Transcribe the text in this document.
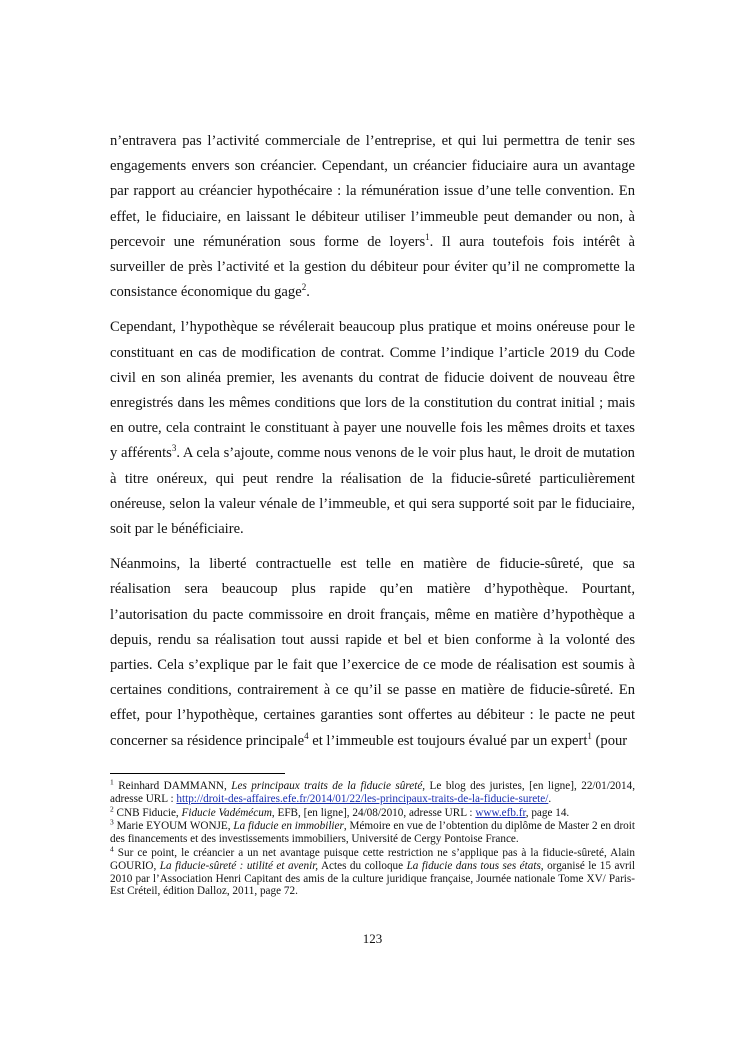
n’entravera pas l’activité commerciale de l’entreprise, et qui lui permettra de tenir ses engagements envers son créancier. Cependant, un créancier fiduciaire aura un avantage par rapport au créancier hypothécaire : la rémunération issue d’une telle convention. En effet, le fiduciaire, en laissant le débiteur utiliser l’immeuble peut demander ou non, à percevoir une rémunération sous forme de loyers$^1$. Il aura toutefois fois intérêt à surveiller de près l’activité et la gestion du débiteur pour éviter qu’il ne compromette la consistance économique du gage$^2$.

Cependant, l’hypothèque se révélerait beaucoup plus pratique et moins onéreuse pour le constituant en cas de modification de contrat. Comme l’indique l’article 2019 du Code civil en son alinéa premier, les avenants du contrat de fiducie doivent de nouveau être enregistrés dans les mêmes conditions que lors de la constitution du contrat initial ; mais en outre, cela contraint le constituant à payer une nouvelle fois les mêmes droits et taxes y afférents$^3$. A cela s’ajoute, comme nous venons de le voir plus haut, le droit de mutation à titre onéreux, qui peut rendre la réalisation de la fiducie-sûreté particulièrement onéreuse, selon la valeur vénale de l’immeuble, et qui sera supporté soit par le fiduciaire, soit par le bénéficiaire.

Néanmoins, la liberté contractuelle est telle en matière de fiducie-sûreté, que sa réalisation sera beaucoup plus rapide qu’en matière d’hypothèque. Pourtant, l’autorisation du pacte commissoire en droit français, même en matière d’hypothèque a depuis, rendu sa réalisation tout aussi rapide et bel et bien conforme à la volonté des parties. Cela s’explique par le fait que l’exercice de ce mode de réalisation est soumis à certaines conditions, contrairement à ce qu’il se passe en matière de fiducie-sûreté. En effet, pour l’hypothèque, certaines garanties sont offertes au débiteur : le pacte ne peut concerner sa résidence principale$^4$ et l’immeuble est toujours évalué par un expert$^1$ (pour

$^1$ Reinhard DAMMANN, Les principaux traits de la fiducie sûreté, Le blog des juristes, [en ligne], 22/01/2014, adresse URL : http://droit-des-affaires.efe.fr/2014/01/22/les-principaux-traits-de-la-fiducie-surete/.
$^2$ CNB Fiducie, Fiducie Vadémécum, EFB, [en ligne], 24/08/2010, adresse URL : www.efb.fr, page 14.
$^3$ Marie EYOUM WONJE, La fiducie en immobilier, Mémoire en vue de l’obtention du diplôme de Master 2 en droit des financements et des investissements immobiliers, Université de Cergy Pontoise France.
$^4$ Sur ce point, le créancier a un net avantage puisque cette restriction ne s’applique pas à la fiducie-sûreté, Alain GOURIO, La fiducie-sûreté : utilité et avenir, Actes du colloque La fiducie dans tous ses états, organisé le 15 avril 2010 par l’Association Henri Capitant des amis de la culture juridique française, Journée nationale Tome XV/ Paris-Est Créteil, édition Dalloz, 2011, page 72.
123
